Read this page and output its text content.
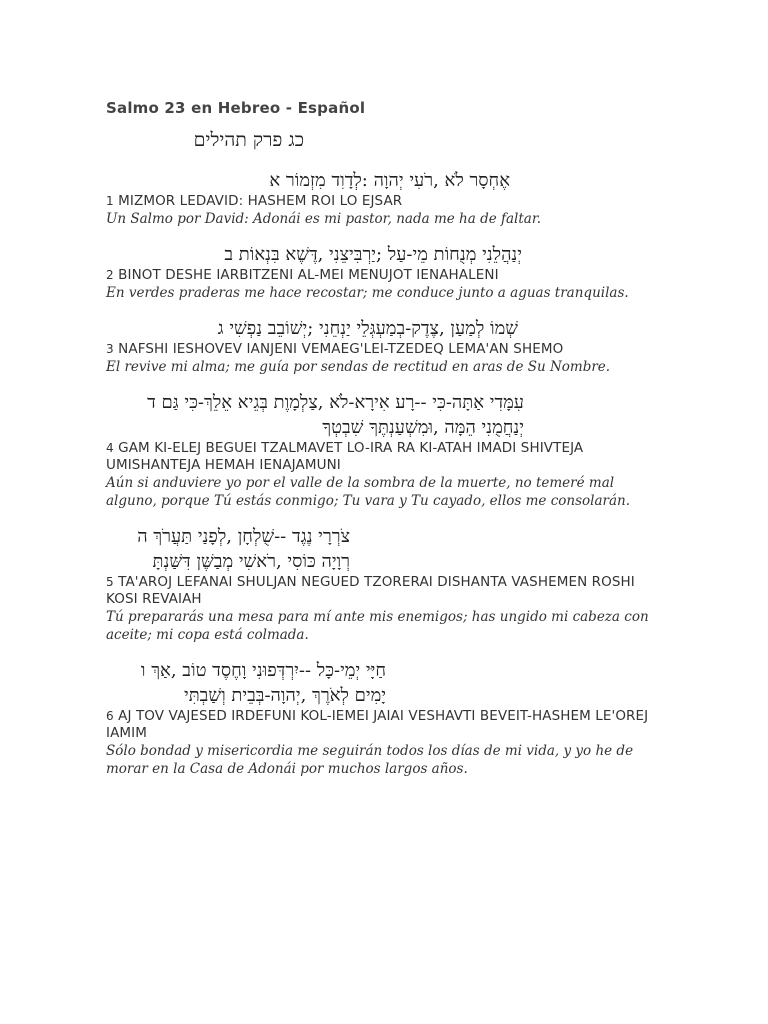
Salmo 23 en Hebreo - Español
כג פרק תהילים
אֶחְסָר לֹא ,רֹעִי יְהוָה :לְדָוִד מִזְמוֹר א

1 MIZMOR LEDAVID: HASHEM ROI LO EJSAR

Un Salmo por David: Adonái es mi pastor, nada me ha de faltar.

יְנַהֲלֵנִי מְנֻחוֹת מֵי-עַל ;יַרְבִּיצֵנִי ,דֶּשֶׁא בִּנְאוֹת ב

2 BINOT DESHE IARBITZENI AL-MEI MENUJOT IENAHALENI

En verdes praderas me hace recostar; me conduce junto a aguas tranquilas.

שְׁמוֹ לְמַעַן ,צֶדֶק-בְמַעְגְּלֵי יַנְחֵנִי ;יְשׁוֹבֵב נַפְשִׁי ג

3 NAFSHI IESHOVEV IANJENI VEMAEG'LEI-TZEDEQ LEMA'AN SHEMO

El revive mi alma; me guía por sendas de rectitud en aras de Su Nombre.

עִמָּדִי אַתָּה-כִּי --רָע אִירָא-לֹא ,צַלְמָוֶת בְּגֵיא אֵלֵךְ-כִּי גַּם ד
יְנַחֲמֻנִי הֵמָּה ,וּמִשְׁעַנְתֶּךָ שִׁבְטְךָ

4 GAM KI-ELEJ BEGUEI TZALMAVET LO-IRA RA KI-ATAH IMADI SHIVTEJA UMISHANTEJA HEMAH IENAJAMUNI

Aún si anduviere yo por el valle de la sombra de la muerte, no temeré mal alguno, porque Tú estás conmigo; Tu vara y Tu cayado, ellos me consolarán.

צֹרְרָי נֶגֶד --שֻׁלְחָן ,לְפָנַי תַּעֲרֹךְ ה
רְוָיָה כּוֹסִי ,רֹאשִׁי מְבַשֶּׁן דִּשַּׁנְתָּ

5 TA'AROJ LEFANAI SHULJAN NEGUED TZORERAI DISHANTA VASHEMEN ROSHI KOSI REVAIAH

Tú prepararás una mesa para mí ante mis enemigos; has ungido mi cabeza con aceite; mi copa está colmada.

חַיָּי יְמֵי-כָּל --יִרְדְּפוּנִי וָחֶסֶד טוֹב ,אַךְ ו
יָמִים לְאֹרֶךְ ,יְהוָה-בְּבֵית וְשַׁבְתִּי

6 AJ TOV VAJESED IRDEFUNI KOL-IEMEI JAIAI VESHAVTI BEVEIT-HASHEM LE'OREJ IAMIM

Sólo bondad y misericordia me seguirán todos los días de mi vida, y yo he de morar en la Casa de Adonái por muchos largos años.
